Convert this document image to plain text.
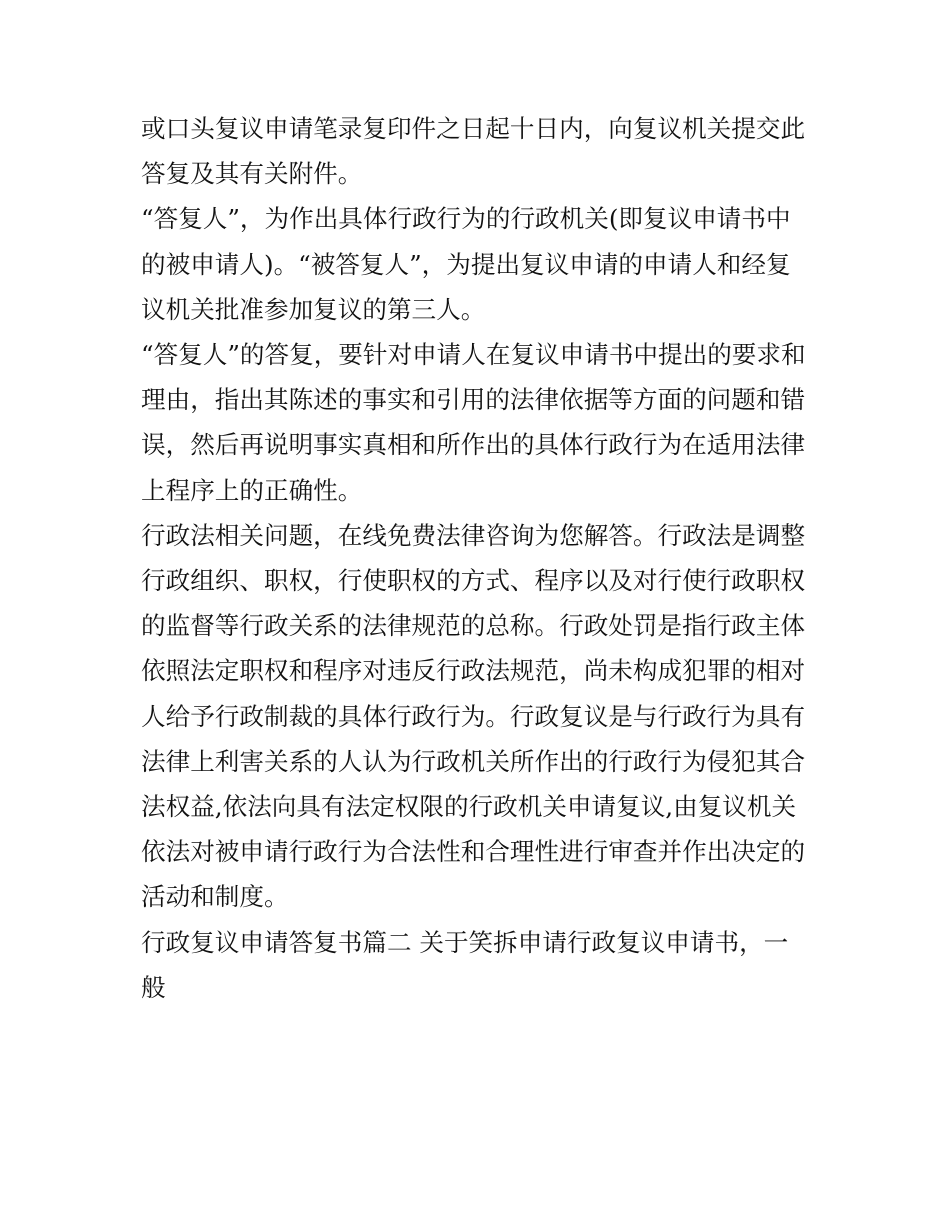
或口头复议申请笔录复印件之日起十日内，向复议机关提交此
答复及其有关附件。

“答复人”，为作出具体行政行为的行政机关(即复议申请书中
的被申请人)。“被答复人”，为提出复议申请的申请人和经复
议机关批准参加复议的第三人。

“答复人”的答复，要针对申请人在复议申请书中提出的要求和
理由，指出其陈述的事实和引用的法律依据等方面的问题和错
误，然后再说明事实真相和所作出的具体行政行为在适用法律
上程序上的正确性。

行政法相关问题，在线免费法律咨询为您解答。行政法是调整
行政组织、职权，行使职权的方式、程序以及对行使行政职权
的监督等行政关系的法律规范的总称。行政处罚是指行政主体
依照法定职权和程序对违反行政法规范，尚未构成犯罪的相对
人给予行政制裁的具体行政行为。行政复议是与行政行为具有
法律上利害关系的人认为行政机关所作出的行政行为侵犯其合
法权益,依法向具有法定权限的行政机关申请复议,由复议机关
依法对被申请行政行为合法性和合理性进行审查并作出决定的
活动和制度。

行政复议申请答复书篇二 关于笑拆申请行政复议申请书，一
般
